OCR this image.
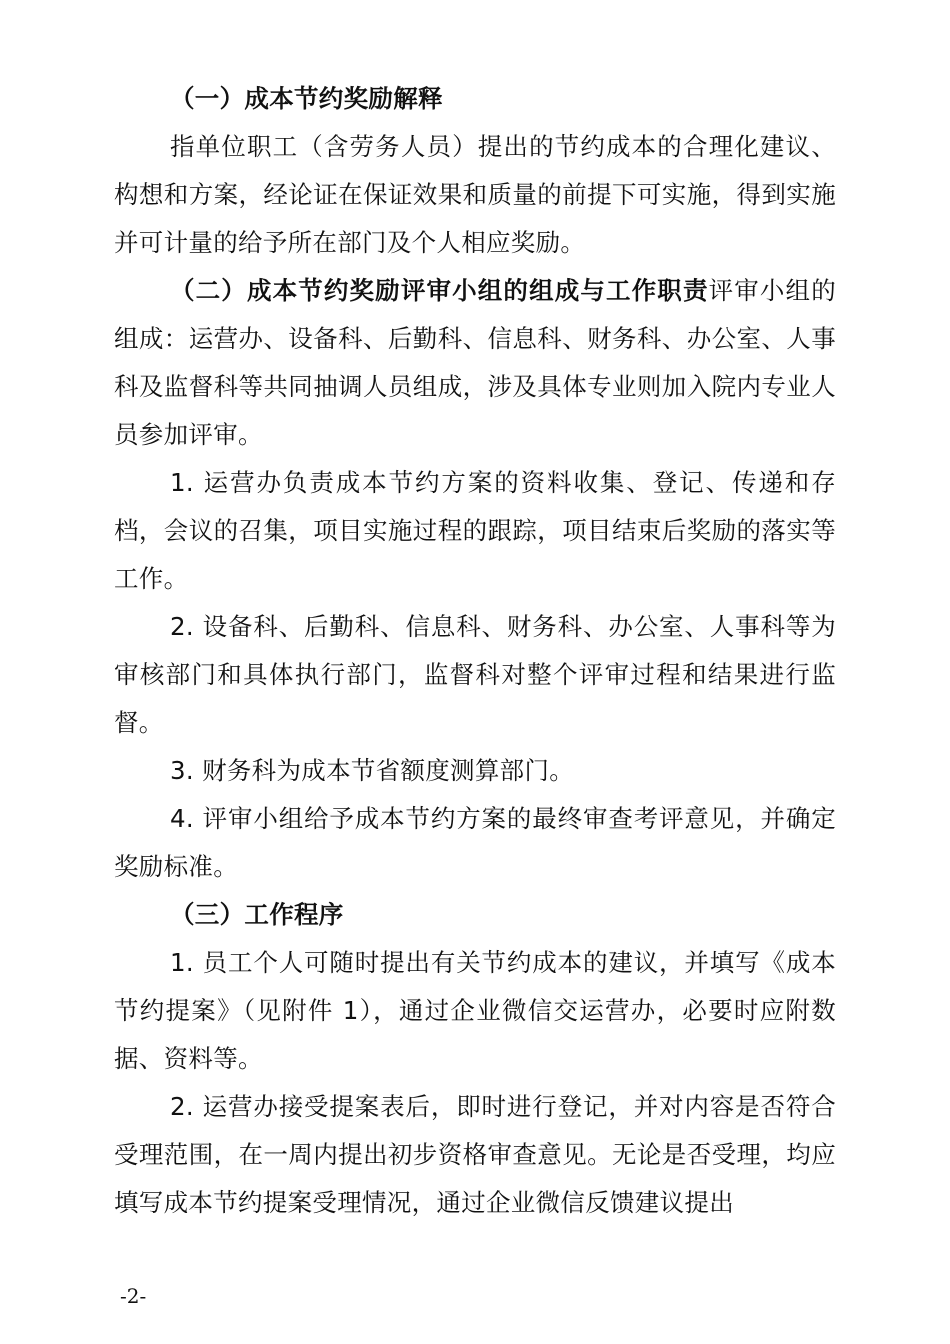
（一）成本节约奖励解释

指单位职工（含劳务人员）提出的节约成本的合理化建议、构想和方案，经论证在保证效果和质量的前提下可实施，得到实施并可计量的给予所在部门及个人相应奖励。

（二）成本节约奖励评审小组的组成与工作职责评审小组的组成：运营办、设备科、后勤科、信息科、财务科、办公室、人事科及监督科等共同抽调人员组成，涉及具体专业则加入院内专业人员参加评审。

1. 运营办负责成本节约方案的资料收集、登记、传递和存档，会议的召集，项目实施过程的跟踪，项目结束后奖励的落实等工作。

2. 设备科、后勤科、信息科、财务科、办公室、人事科等为审核部门和具体执行部门，监督科对整个评审过程和结果进行监督。

3. 财务科为成本节省额度测算部门。

4. 评审小组给予成本节约方案的最终审查考评意见，并确定奖励标准。

（三）工作程序

1. 员工个人可随时提出有关节约成本的建议，并填写《成本节约提案》（见附件 1），通过企业微信交运营办，必要时应附数据、资料等。

2. 运营办接受提案表后，即时进行登记，并对内容是否符合受理范围，在一周内提出初步资格审查意见。无论是否受理，均应填写成本节约提案受理情况，通过企业微信反馈建议提出

-2-
